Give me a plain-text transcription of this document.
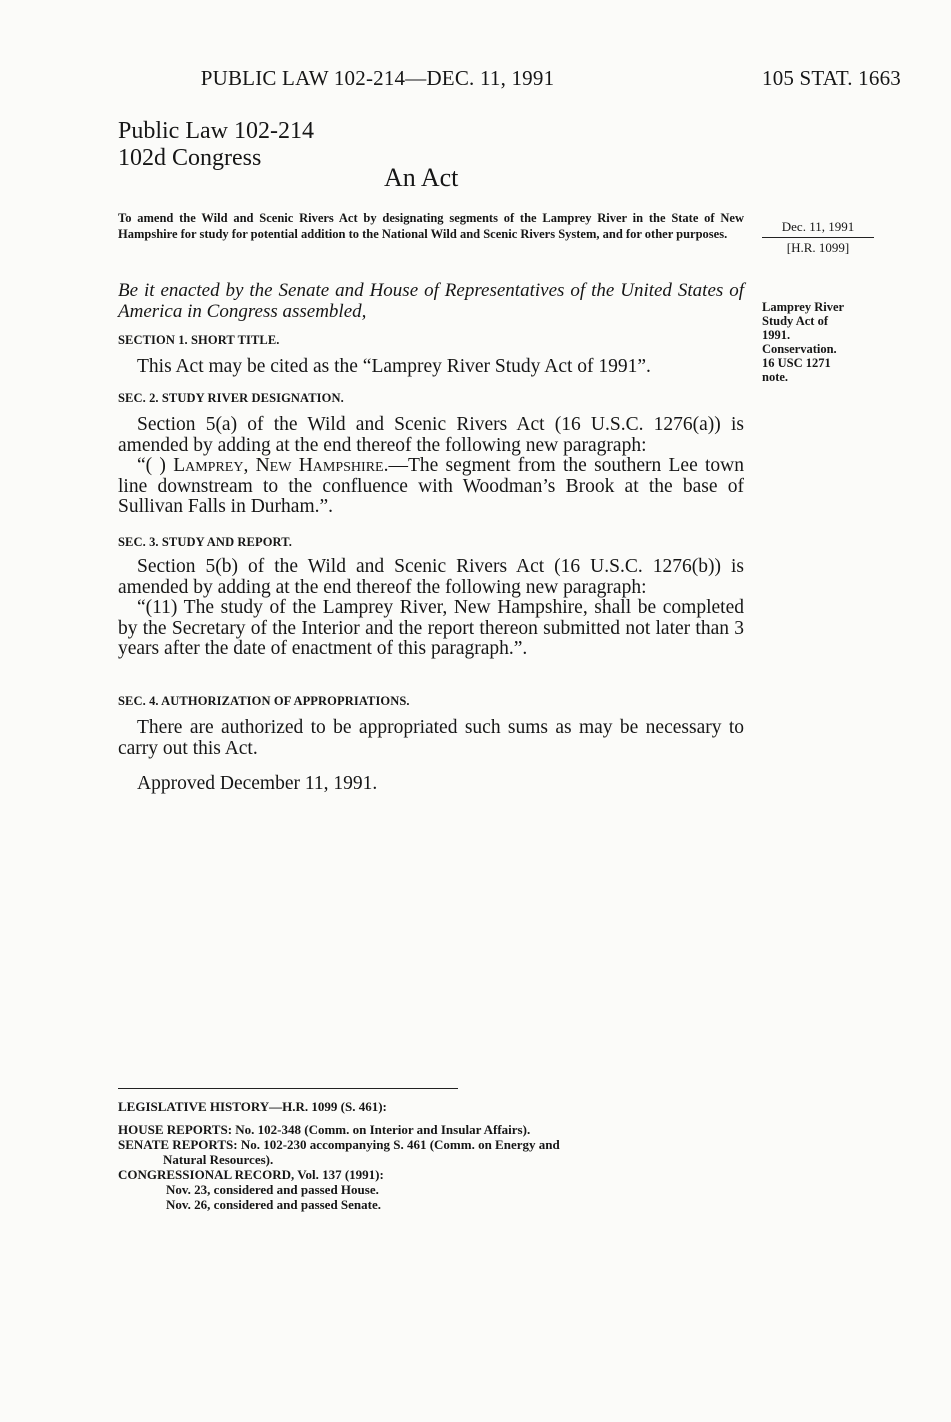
PUBLIC LAW 102-214—DEC. 11, 1991	105 STAT. 1663
Public Law 102-214
102d Congress
An Act

To amend the Wild and Scenic Rivers Act by designating segments of the Lamprey River in the State of New Hampshire for study for potential addition to the National Wild and Scenic Rivers System, and for other purposes.	Dec. 11, 1991
[H.R. 1099]
Lamprey River
Study Act of
1991.
Conservation.
16 USC 1271
note.
Be it enacted by the Senate and House of Representatives of the United States of America in Congress assembled,
SECTION 1. SHORT TITLE.

This Act may be cited as the “Lamprey River Study Act of 1991”.

SEC. 2. STUDY RIVER DESIGNATION.

Section 5(a) of the Wild and Scenic Rivers Act (16 U.S.C. 1276(a)) is amended by adding at the end thereof the following new paragraph:

“( ) Lamprey, New Hampshire.—The segment from the southern Lee town line downstream to the confluence with Woodman’s Brook at the base of Sullivan Falls in Durham.”.

SEC. 3. STUDY AND REPORT.

Section 5(b) of the Wild and Scenic Rivers Act (16 U.S.C. 1276(b)) is amended by adding at the end thereof the following new paragraph:

“(11) The study of the Lamprey River, New Hampshire, shall be completed by the Secretary of the Interior and the report thereon submitted not later than 3 years after the date of enactment of this paragraph.”.

SEC. 4. AUTHORIZATION OF APPROPRIATIONS.

There are authorized to be appropriated such sums as may be necessary to carry out this Act.

Approved December 11, 1991.

LEGISLATIVE HISTORY—H.R. 1099 (S. 461):
HOUSE REPORTS: No. 102-348 (Comm. on Interior and Insular Affairs).
SENATE REPORTS: No. 102-230 accompanying S. 461 (Comm. on Energy and
Natural Resources).
CONGRESSIONAL RECORD, Vol. 137 (1991):
Nov. 23, considered and passed House.
Nov. 26, considered and passed Senate.
